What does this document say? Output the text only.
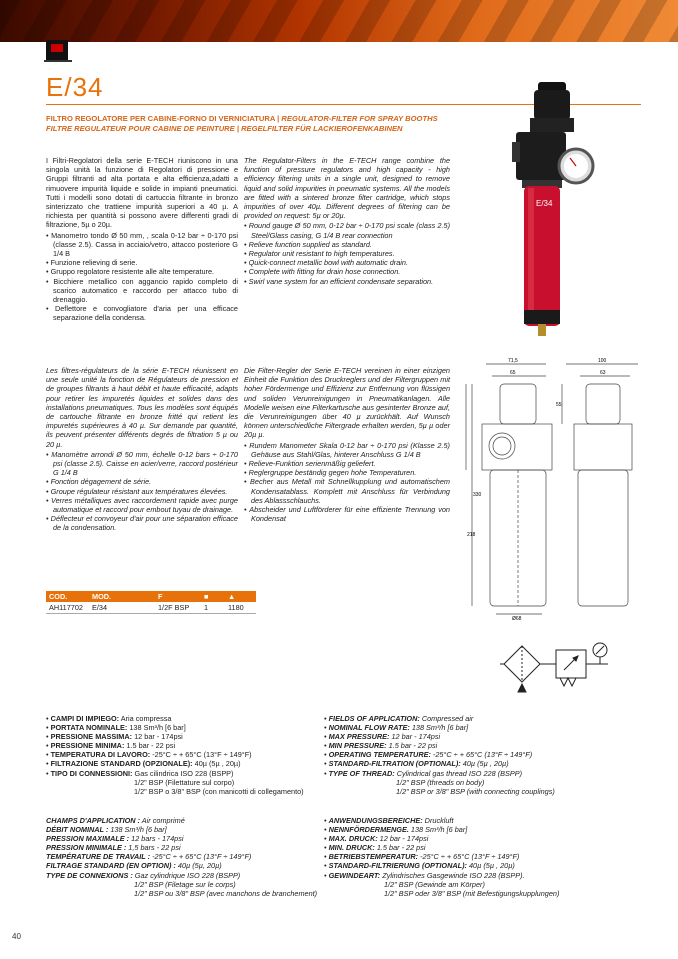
E/34
FILTRO REGOLATORE PER CABINE-FORNO DI VERNICIATURA | REGULATOR-FILTER FOR SPRAY BOOTHS
FILTRE REGULATEUR POUR CABINE DE PEINTURE | REGELFILTER FÜR LACKIEROFENKABINEN

I Filtri-Regolatori della serie E-TECH riuniscono in una singola unità la funzione di Regolatori di pressione e Gruppi filtranti ad alta portata e alta efficienza,adatti a rimuovere impurità liquide e solide in impianti pneumatici. Tutti i modelli sono dotati di cartuccia filtrante in bronzo sinterizzato che trattiene impurità superiori a 40 µ. A richiesta per quantità si possono avere differenti gradi di filtrazione, 5µ o 20µ.

• Manometro tondo Ø 50 mm, , scala 0-12 bar ÷ 0-170 psi (classe 2.5). Cassa in acciaio/vetro, attacco posteriore G 1/4 B
• Funzione relieving di serie.
• Gruppo regolatore resistente alle alte temperature.
• Bicchiere metallico con aggancio rapido completo di scarico automatico e raccordo per attacco tubo di drenaggio.
• Deflettore e convogliatore d'aria per una efficace separazione della condensa.

The Regulator-Filters in the E-TECH range combine the function of pressure regulators and high capacity - high efficiency filtering units in a single unit, designed to remove liquid and solid impurities in pneumatic systems. All the models are fitted with a sintered bronze filter cartridge, which stops impurities of over 40µ. Different degrees of filtering can be provided on request: 5µ or 20µ.

• Round gauge Ø 50 mm, 0-12 bar ÷ 0-170 psi scale (class 2.5) Steel/Glass casing, G 1/4 B rear connection
• Relieve function supplied as standard.
• Regulator unit resistant to high temperatures.
• Quick-connect metallic bowl with automatic drain.
• Complete with fitting for drain hose connection.
• Swirl vane system for an efficient condensate separation.

Les filtres-régulateurs de la série E-TECH réunissent en une seule unité la fonction de Régulateurs de pression et de groupes filtrants à haut débit et haute efficacité, adapts pour retirer les impuretés liquides et solides dans des installations pneumatiques. Tous les modèles sont équipés de cartouche filtrante en bronze fritté qui retient les impuretés supérieures à 40 µ. Sur demande par quantité, ils peuvent présenter différents degrés de filtration 5 µ ou 20 µ.

• Manomètre arrondi Ø 50 mm, échelle 0-12 bars ÷ 0-170 psi (classe 2.5). Caisse en acier/verre, raccord postérieur G 1/4 B
• Fonction dégagement de série.
• Groupe régulateur résistant aux températures élevées.
• Verres métalliques avec raccordement rapide avec purge automatique et raccord pour embout tuyau de drainage.
• Déflecteur et convoyeur d'air pour une séparation efficace de la condensation.

Die Filter-Regler der Serie E-TECH vereinen in einer einzigen Einheit die Funktion des Druckreglers und der Filtergruppen mit hoher Fördermenge und Effizienz zur Entfernung von flüssigen und soliden Verunreinigungen in Pneumatikanlagen. Alle Modelle weisen eine Filterkartusche aus gesinterter Bronze auf, die Verunreinigungen über 40 µ zurückhält. Auf Wunsch können unterschiedliche Filtergrade erhalten werden, 5µ µ oder 20µ µ.

• Rundem Manometer Skala 0-12 bar ÷ 0-170 psi (Klasse 2.5) Gehäuse aus Stahl/Glas, hinterer Anschluss G 1/4 B
• Relieve-Funktion serienmäßig geliefert.
• Reglergruppe beständig gegen hohe Temperaturen.
• Becher aus Metall mit Schnellkupplung und automatischem Kondensatablass. Komplett mit Anschluss für Verbindung des Ablassschlauchs.
• Abscheider und Luftförderer für eine effiziente Trennung von Kondensat
E/34
COD.	MOD.	F	■	▲
AH117702	E/34	1/2F BSP	1	1180
71,5	100
65	63
55
330
218
Ø68
• CAMPI DI IMPIEGO: Aria compressa
• PORTATA NOMINALE: 138 Sm³/h [6 bar]
• PRESSIONE MASSIMA: 12 bar - 174psi
• PRESSIONE MINIMA: 1.5 bar - 22 psi
• TEMPERATURA DI LAVORO: -25°C ÷ + 65°C (13°F ÷ 149°F)
• FILTRAZIONE STANDARD (OPZIONALE): 40µ (5µ , 20µ)
• TIPO DI CONNESSIONI: Gas cilindrica ISO 228 (BSPP)
1/2" BSP (Filettature sul corpo)
1/2" BSP o 3/8" BSP (con manicotti di collegamento)
• FIELDS OF APPLICATION: Compressed air
• NOMINAL FLOW RATE: 138 Sm³/h [6 bar]
• MAX PRESSURE: 12 bar - 174psi
• MIN PRESSURE: 1.5 bar - 22 psi
• OPERATING TEMPERATURE: -25°C ÷ + 65°C (13°F ÷ 149°F)
• STANDARD-FILTRATION (OPTIONAL): 40µ (5µ , 20µ)
• TYPE OF THREAD: Cylindrical gas thread ISO 228 (BSPP)
1/2" BSP (threads on body)
1/2" BSP or 3/8" BSP (with connecting couplings)
CHAMPS D'APPLICATION : Air comprimé
DÉBIT NOMINAL : 138 Sm³/h [6 bar]
PRESSION MAXIMALE : 12 bars - 174psi
PRESSION MINIMALE : 1,5 bars - 22 psi
TEMPÉRATURE DE TRAVAIL : -25°C ÷ + 65°C (13°F ÷ 149°F)
FILTRAGE STANDARD (EN OPTION) : 40µ (5µ, 20µ)
TYPE DE CONNEXIONS : Gaz cylindrique ISO 228 (BSPP)
1/2" BSP (Filetage sur le corps)
1/2" BSP ou 3/8" BSP (avec manchons de branchement)
• ANWENDUNGSBEREICHE: Druckluft
• NENNFÖRDERMENGE. 138 Sm³/h [6 bar]
• MAX. DRUCK: 12 bar - 174psi
• MIN. DRUCK: 1.5 bar - 22 psi
• BETRIEBSTEMPERATUR: -25°C ÷ + 65°C (13°F ÷ 149°F)
• STANDARD-FILTRIERUNG (OPTIONAL): 40µ (5µ , 20µ)
• GEWINDEART: Zylindrisches Gasgewinde ISO 228 (BSPP).
1/2" BSP (Gewinde am Körper)
1/2" BSP oder 3/8" BSP (mit Befestigungskupplungen)
40
